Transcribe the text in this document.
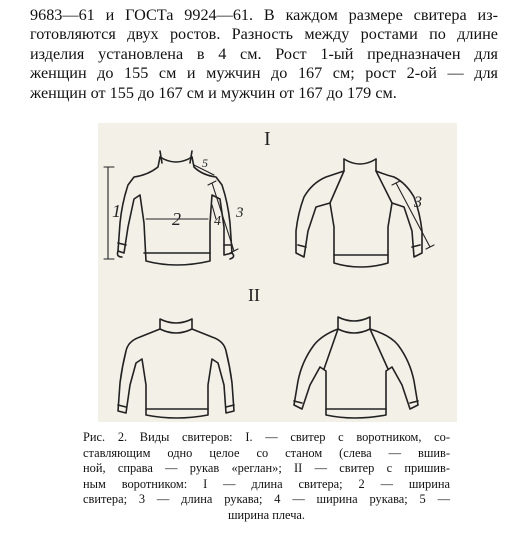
9683—61 и ГОСТа 9924—61. В каждом размере свитера из-
готовляются двух ростов. Разность между ростами по длине
изделия установлена в 4 см. Рост 1-ый предназначен для
женщин до 155 см и мужчин до 167 см; рост 2-ой — для
женщин от 155 до 167 см и мужчин от 167 до 179 см.
I
II
1	2 4
3
5
3
Рис. 2. Виды свитеров: I. — свитер с воротником, со-
ставляющим одно целое со станом (слева — вшив-
ной, справа — рукав «реглан»; II — свитер с пришив-
ным воротником: I — длина свитера; 2 — ширина
свитера; 3 — длина рукава; 4 — ширина рукава; 5 —
ширина плеча.
